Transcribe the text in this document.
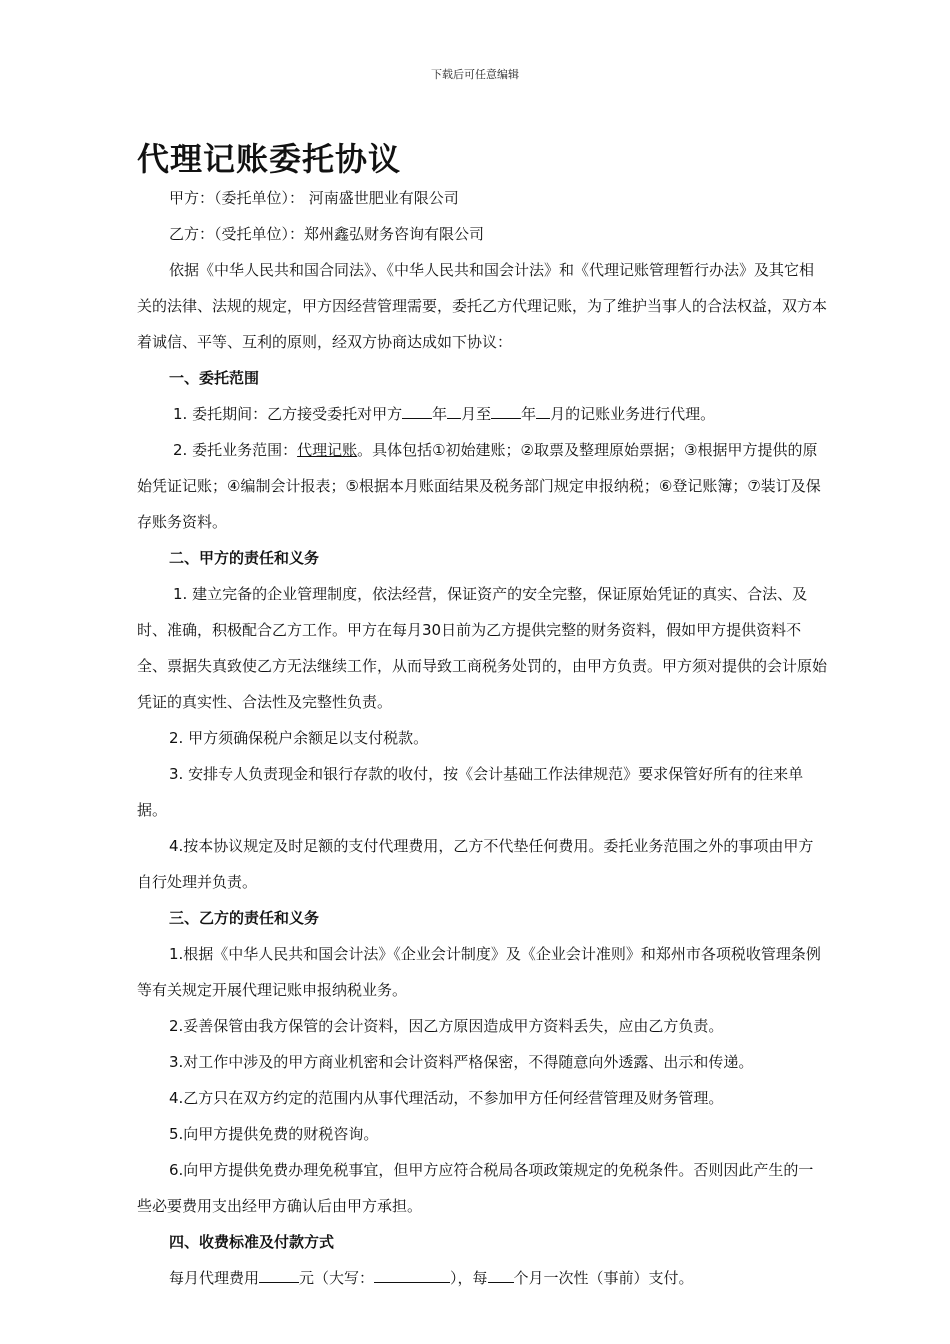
下载后可任意编辑
代理记账委托协议

甲方：（委托单位）： 河南盛世肥业有限公司

乙方：（受托单位）：郑州鑫弘财务咨询有限公司

依据《中华人民共和国合同法》、《中华人民共和国会计法》和《代理记账管理暂行办法》及其它相关的法律、法规的规定，甲方因经营管理需要，委托乙方代理记账，为了维护当事人的合法权益，双方本着诚信、平等、互利的原则，经双方协商达成如下协议：

一、委托范围

1. 委托期间：乙方接受委托对甲方 年 月至 年 月的记账业务进行代理。

2. 委托业务范围：代理记账。具体包括①初始建账；②取票及整理原始票据；③根据甲方提供的原始凭证记账；④编制会计报表；⑤根据本月账面结果及税务部门规定申报纳税；⑥登记账簿；⑦装订及保存账务资料。

二、甲方的责任和义务

1. 建立完备的企业管理制度，依法经营，保证资产的安全完整，保证原始凭证的真实、合法、及时、准确，积极配合乙方工作。甲方在每月30日前为乙方提供完整的财务资料，假如甲方提供资料不全、票据失真致使乙方无法继续工作，从而导致工商税务处罚的，由甲方负责。甲方须对提供的会计原始凭证的真实性、合法性及完整性负责。

2. 甲方须确保税户余额足以支付税款。

3. 安排专人负责现金和银行存款的收付，按《会计基础工作法律规范》要求保管好所有的往来单据。

4.按本协议规定及时足额的支付代理费用，乙方不代垫任何费用。委托业务范围之外的事项由甲方自行处理并负责。

三、乙方的责任和义务

1.根据《中华人民共和国会计法》《企业会计制度》及《企业会计准则》和郑州市各项税收管理条例等有关规定开展代理记账申报纳税业务。

2.妥善保管由我方保管的会计资料，因乙方原因造成甲方资料丢失，应由乙方负责。

3.对工作中涉及的甲方商业机密和会计资料严格保密，不得随意向外透露、出示和传递。

4.乙方只在双方约定的范围内从事代理活动，不参加甲方任何经营管理及财务管理。

5.向甲方提供免费的财税咨询。

6.向甲方提供免费办理免税事宜，但甲方应符合税局各项政策规定的免税条件。否则因此产生的一些必要费用支出经甲方确认后由甲方承担。

四、收费标准及付款方式

每月代理费用	元（大写：	），每 个月一次性（事前）支付。
